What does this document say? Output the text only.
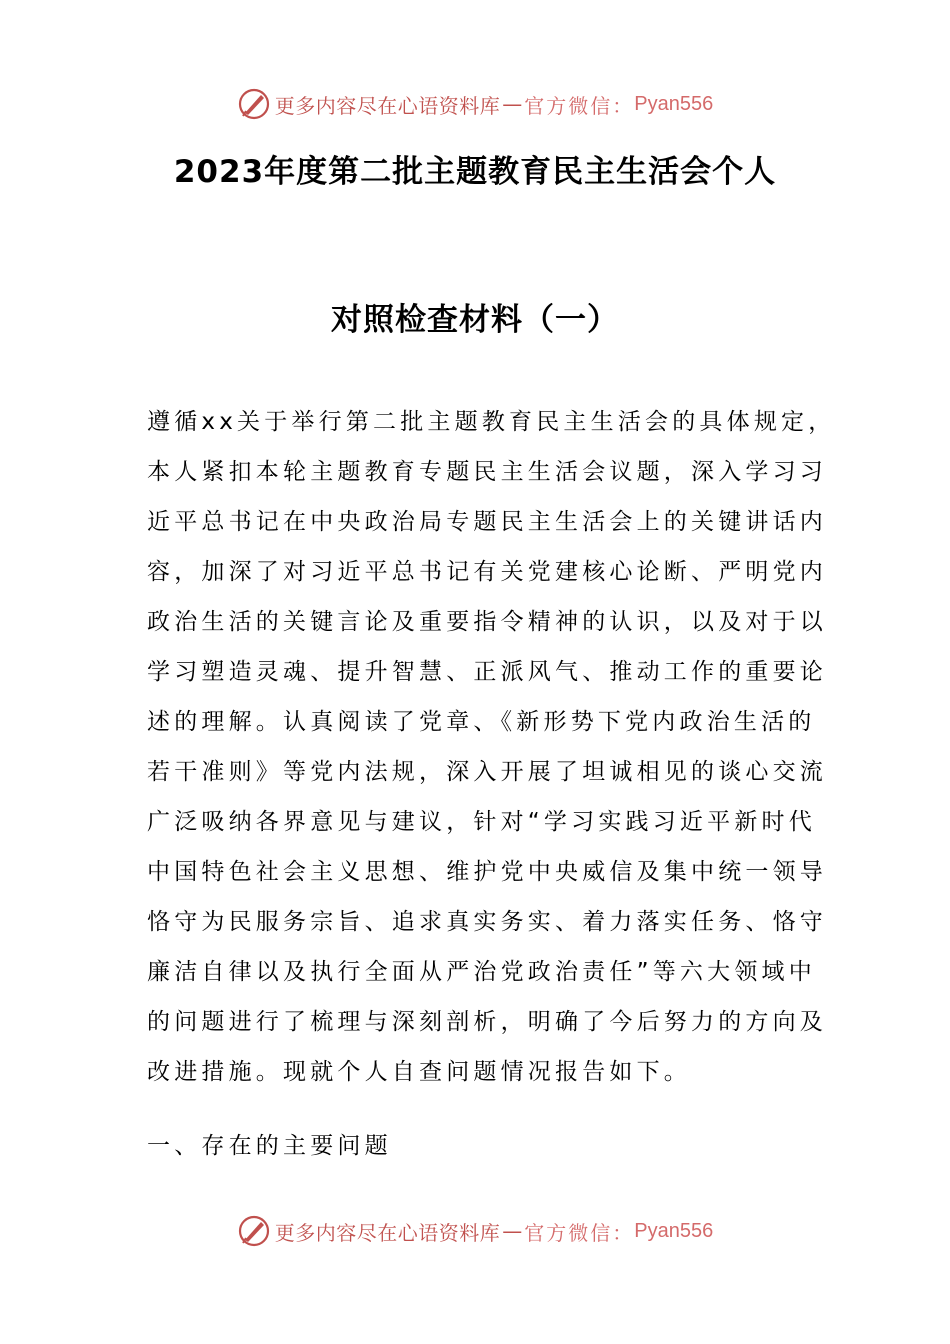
更多内容尽在心语资料库 — 官方微信： Pyan556
2023年度第二批主题教育民主生活会个人
对照检查材料（一）
遵循xx关于举行第二批主题教育民主生活会的具体规定，
本人紧扣本轮主题教育专题民主生活会议题，深入学习习
近平总书记在中央政治局专题民主生活会上的关键讲话内
容，加深了对习近平总书记有关党建核心论断、严明党内
政治生活的关键言论及重要指令精神的认识，以及对于以
学习塑造灵魂、提升智慧、正派风气、推动工作的重要论
述的理解。认真阅读了党章、《新形势下党内政治生活的
若干准则》等党内法规，深入开展了坦诚相见的谈心交流
广泛吸纳各界意见与建议，针对“学习实践习近平新时代
中国特色社会主义思想、维护党中央威信及集中统一领导
恪守为民服务宗旨、追求真实务实、着力落实任务、恪守
廉洁自律以及执行全面从严治党政治责任”等六大领域中
的问题进行了梳理与深刻剖析，明确了今后努力的方向及
改进措施。现就个人自查问题情况报告如下。
一、存在的主要问题
更多内容尽在心语资料库 — 官方微信： Pyan556
